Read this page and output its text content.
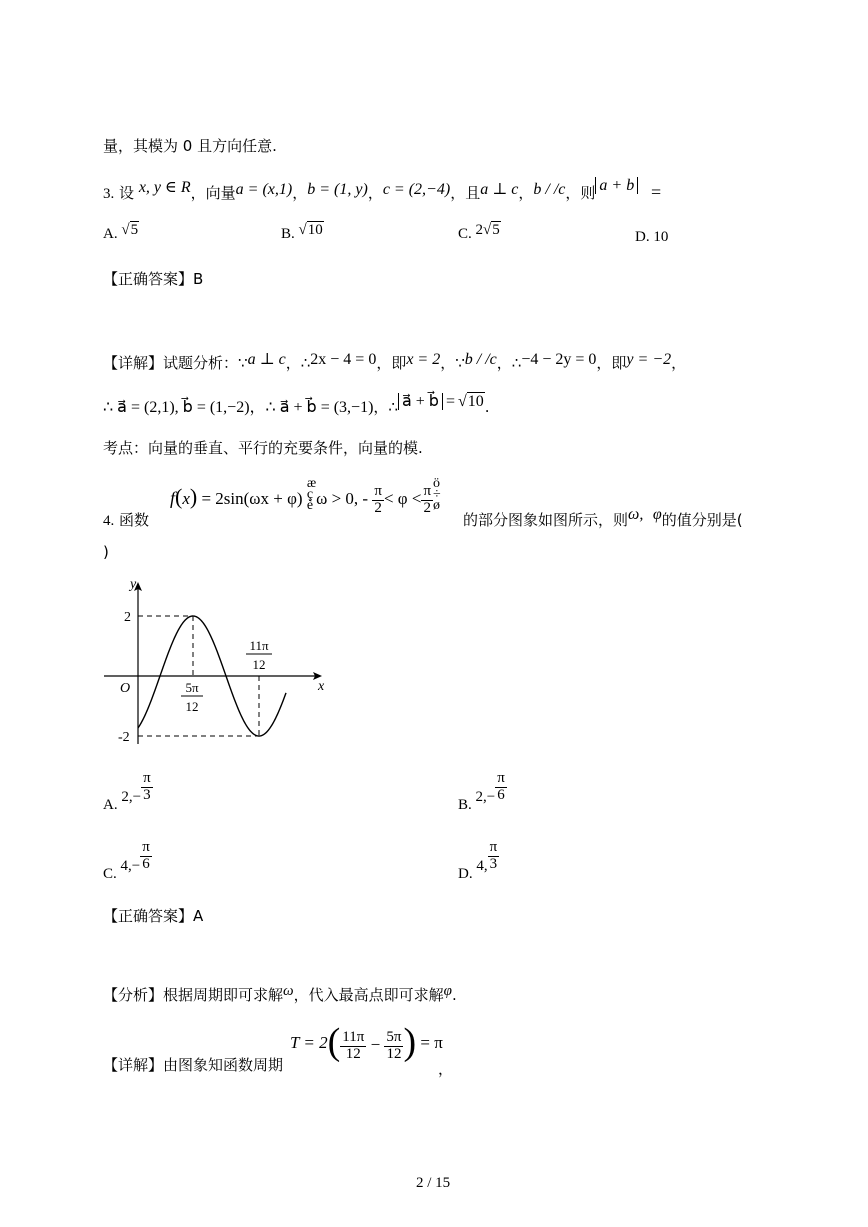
量，其模为 0 且方向任意.
3. 设 x, y ∈ R，向量a = (x,1)，b = (1, y)，c = (2,−4)，且a ⊥ c，b / /c，则 a + b =
A. √5	B. √10	C. 2√5	D. 10
【正确答案】B
【详解】试题分析：∵a ⊥ c，∴2x − 4 = 0，即x = 2，∵b / /c，∴−4 − 2y = 0，即y = −2，
∴ a⃗ = (2,1), b⃗ = (1,−2)，∴ a⃗ + b⃗ = (3,−1)，∴ a⃗ + b⃗ = √10.
考点：向量的垂直、平行的充要条件，向量的模.
4. 函数
f(x) = 2sin(ωx + φ)
æ
ç
è ω > 0, - $\frac{\pi}{2} < \varphi < \frac{\pi}{2}$
ö
÷
ø
的部分图象如图所示，则ω, φ的值分别是(
)
y
x
O
2
-2
5π
12
11π
12
A. $2,- \frac{\pi}{3}$
B. $2,- \frac{\pi}{6}$
C. $4,- \frac{\pi}{6}$
D. 4, $\frac{\pi}{3}$
【正确答案】A
【分析】根据周期即可求解ω，代入最高点即可求解φ.
【详解】由图象知函数周期
$T = 2( \frac{11\pi}{12} - \frac{5\pi}{12}$ ) = π
，
2 / 15
